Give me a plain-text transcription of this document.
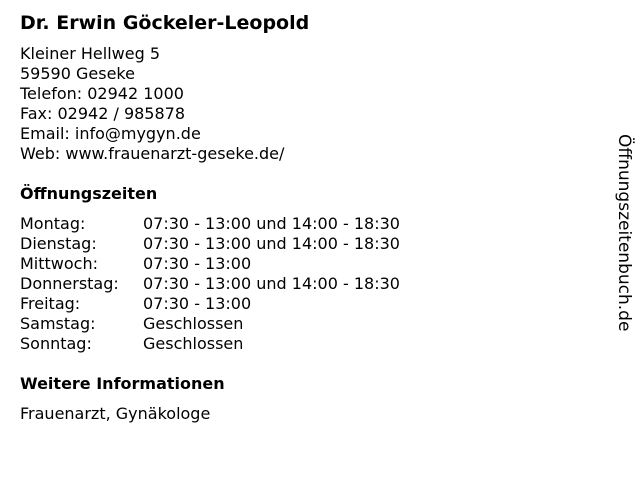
Dr. Erwin Göckeler-Leopold
Kleiner Hellweg 5
59590 Geseke
Telefon: 02942 1000
Fax: 02942 / 985878
Email: info@mygyn.de
Web: www.frauenarzt-geseke.de/
Öffnungszeiten
Montag:	07:30 - 13:00 und 14:00 - 18:30
Dienstag:	07:30 - 13:00 und 14:00 - 18:30
Mittwoch:	07:30 - 13:00
Donnerstag: 07:30 - 13:00 und 14:00 - 18:30
Freitag:	07:30 - 13:00
Samstag:	Geschlossen
Sonntag:	Geschlossen
Weitere Informationen
Frauenarzt, Gynäkologe
Öffnungszeitenbuch.de
